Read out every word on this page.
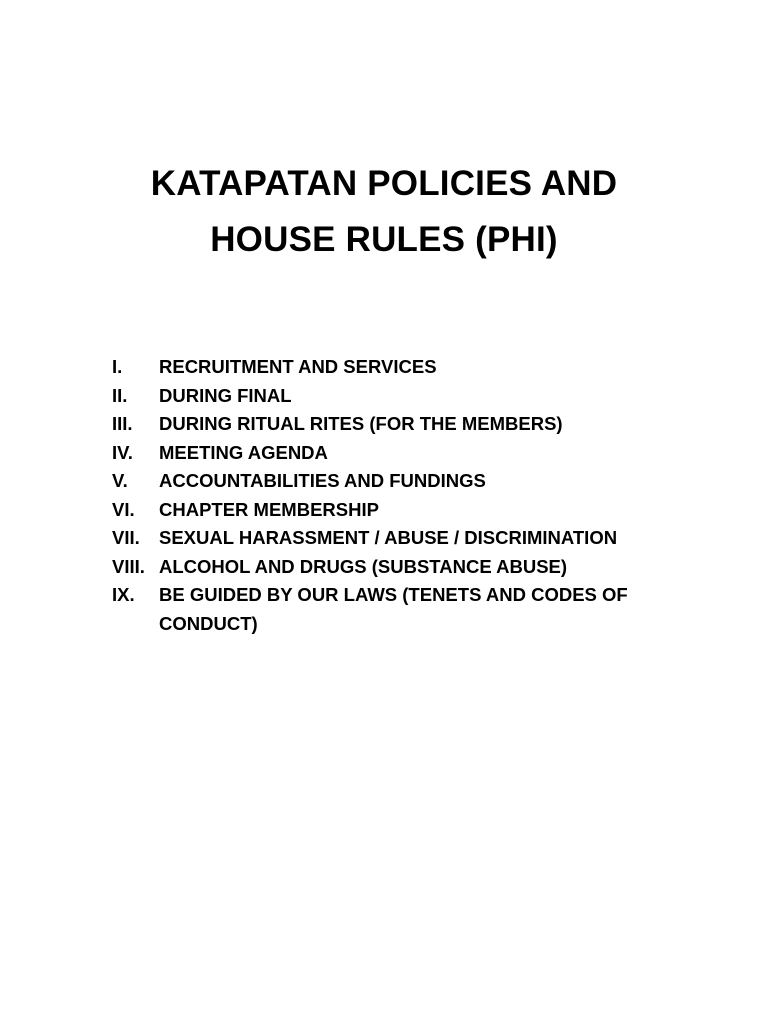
KATAPATAN POLICIES AND
HOUSE RULES (PHI)
I.	RECRUITMENT AND SERVICES
II.	DURING FINAL
III.	DURING RITUAL RITES (FOR THE MEMBERS)
IV.	MEETING AGENDA
V.	ACCOUNTABILITIES AND FUNDINGS
VI.	CHAPTER MEMBERSHIP
VII.	SEXUAL HARASSMENT / ABUSE / DISCRIMINATION
VIII. ALCOHOL AND DRUGS (SUBSTANCE ABUSE)
IX.	BE GUIDED BY OUR LAWS (TENETS AND CODES OF CONDUCT)
